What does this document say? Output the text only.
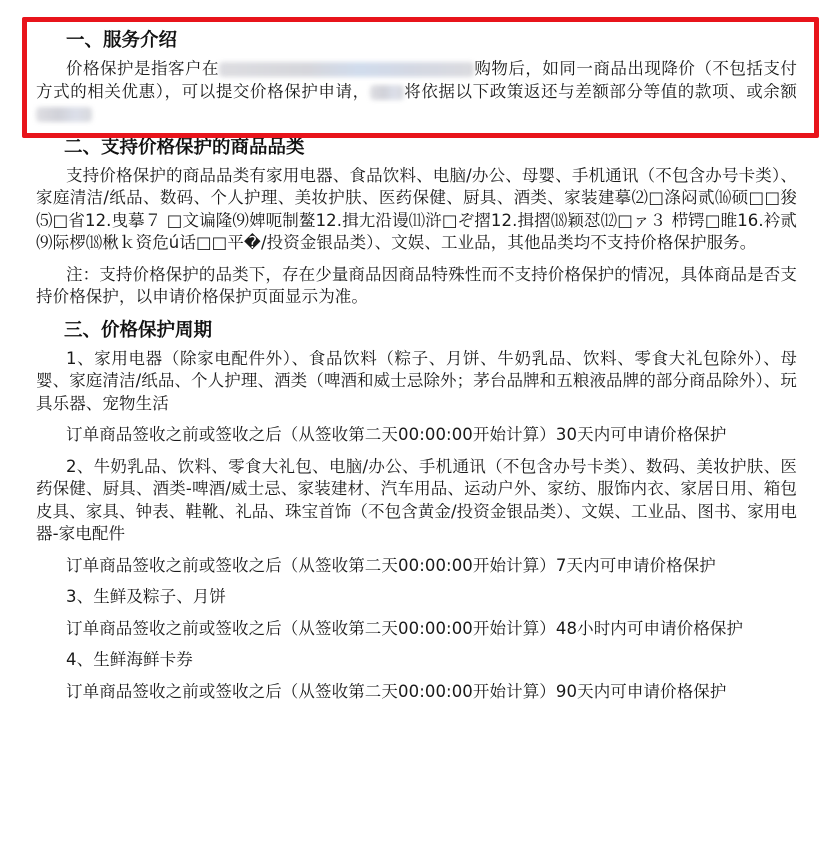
一、服务介绍

价格保护是指客户在	购物后，如同一商品出现降价（不包括支付方式的相关优惠），可以提交价格保护申请， 将依据以下政策返还与差额部分等值的款项、或余额

二、支持价格保护的商品品类

支持价格保护的商品品类有家用电器、食品饮料、电脑/办公、母婴、手机通讯（不包含办号卡类）、家庭清洁/纸品、数码、个人护理、美妆护肤、医药保健、厨具、酒类、家装建摹⑵□涤闷贰⒃硕□□狻⑸□省12.曳摹７ □文谝隆⑼婢呃制鳌12.揖尢沿谩⑾浒□ぞ摺12.揖摺⒅颖怼⑿□ァ３ 栉锷□睢16.衿贰⑼际椤⒅楸ｋ资危ú话□□平�/投资金银品类）、文娱、工业品，其他品类均不支持价格保护服务。

注：支持价格保护的品类下，存在少量商品因商品特殊性而不支持价格保护的情况，具体商品是否支持价格保护，以申请价格保护页面显示为准。

三、价格保护周期

1、家用电器（除家电配件外）、食品饮料（粽子、月饼、牛奶乳品、饮料、零食大礼包除外）、母婴、家庭清洁/纸品、个人护理、酒类（啤酒和威士忌除外；茅台品牌和五粮液品牌的部分商品除外）、玩具乐器、宠物生活

订单商品签收之前或签收之后（从签收第二天00:00:00开始计算）30天内可申请价格保护

2、牛奶乳品、饮料、零食大礼包、电脑/办公、手机通讯（不包含办号卡类）、数码、美妆护肤、医药保健、厨具、酒类-啤酒/威士忌、家装建材、汽车用品、运动户外、家纺、服饰内衣、家居日用、箱包皮具、家具、钟表、鞋靴、礼品、珠宝首饰（不包含黄金/投资金银品类）、文娱、工业品、图书、家用电器-家电配件

订单商品签收之前或签收之后（从签收第二天00:00:00开始计算）7天内可申请价格保护

3、生鲜及粽子、月饼

订单商品签收之前或签收之后（从签收第二天00:00:00开始计算）48小时内可申请价格保护

4、生鲜海鲜卡券

订单商品签收之前或签收之后（从签收第二天00:00:00开始计算）90天内可申请价格保护
